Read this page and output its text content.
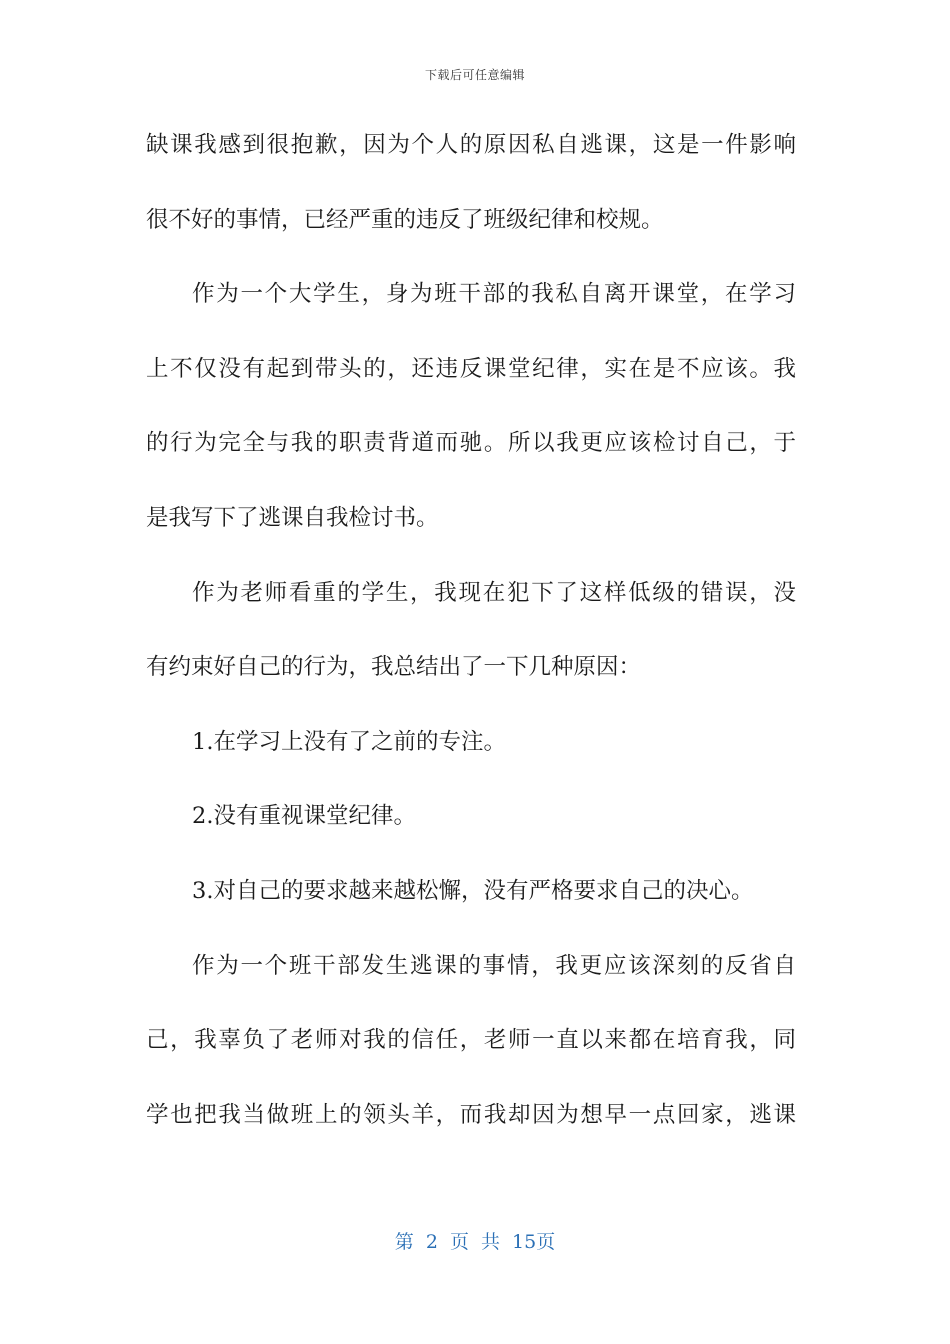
下载后可任意编辑
缺课我感到很抱歉，因为个人的原因私自逃课，这是一件影响
很不好的事情，已经严重的违反了班级纪律和校规。
作为一个大学生，身为班干部的我私自离开课堂，在学习
上不仅没有起到带头的，还违反课堂纪律，实在是不应该。我
的行为完全与我的职责背道而驰。所以我更应该检讨自己，于
是我写下了逃课自我检讨书。
作为老师看重的学生，我现在犯下了这样低级的错误，没
有约束好自己的行为，我总结出了一下几种原因：
1.在学习上没有了之前的专注。
2.没有重视课堂纪律。
3.对自己的要求越来越松懈，没有严格要求自己的决心。
作为一个班干部发生逃课的事情，我更应该深刻的反省自
己，我辜负了老师对我的信任，老师一直以来都在培育我，同
学也把我当做班上的领头羊，而我却因为想早一点回家，逃课
第 2 页 共 15页
